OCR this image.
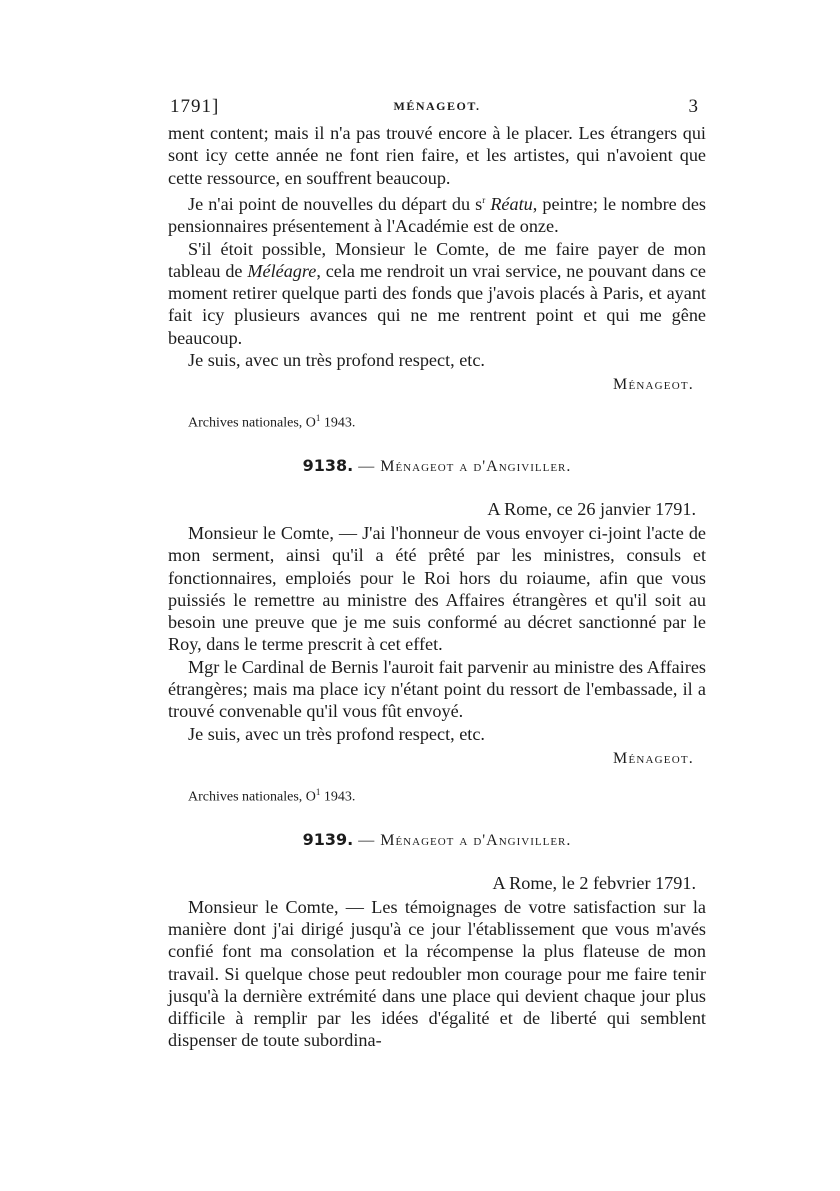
1791]	MÉNAGEOT.	3

ment content; mais il n'a pas trouvé encore à le placer. Les étrangers qui sont icy cette année ne font rien faire, et les artistes, qui n'avoient que cette ressource, en souffrent beaucoup.

Je n'ai point de nouvelles du départ du $s^r$ Réatu, peintre; le nombre des pensionnaires présentement à l'Académie est de onze.

S'il étoit possible, Monsieur le Comte, de me faire payer de mon tableau de Méléagre, cela me rendroit un vrai service, ne pouvant dans ce moment retirer quelque parti des fonds que j'avois placés à Paris, et ayant fait icy plusieurs avances qui ne me rentrent point et qui me gêne beaucoup.

Je suis, avec un très profond respect, etc.

Ménageot.
Archives nationales, $O^1$ 1943.
9138. — Ménageot a d'Angiviller.
A Rome, ce 26 janvier 1791.

Monsieur le Comte, — J'ai l'honneur de vous envoyer ci-joint l'acte de mon serment, ainsi qu'il a été prêté par les ministres, consuls et fonctionnaires, emploiés pour le Roi hors du roiaume, afin que vous puissiés le remettre au ministre des Affaires étrangères et qu'il soit au besoin une preuve que je me suis conformé au décret sanctionné par le Roy, dans le terme prescrit à cet effet.

Mgr le Cardinal de Bernis l'auroit fait parvenir au ministre des Affaires étrangères; mais ma place icy n'étant point du ressort de l'embassade, il a trouvé convenable qu'il vous fût envoyé.

Je suis, avec un très profond respect, etc.

Ménageot.
Archives nationales, $O^1$ 1943.
9139. — Ménageot a d'Angiviller.
A Rome, le 2 febvrier 1791.

Monsieur le Comte, — Les témoignages de votre satisfaction sur la manière dont j'ai dirigé jusqu'à ce jour l'établissement que vous m'avés confié font ma consolation et la récompense la plus flateuse de mon travail. Si quelque chose peut redoubler mon courage pour me faire tenir jusqu'à la dernière extrémité dans une place qui devient chaque jour plus difficile à remplir par les idées d'égalité et de liberté qui semblent dispenser de toute subordina-
